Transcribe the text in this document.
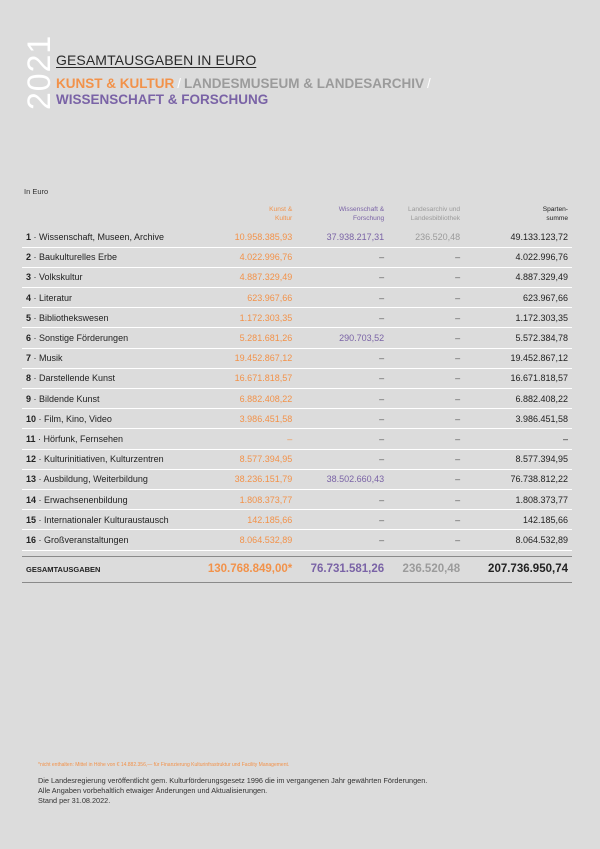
2021 GESAMTAUSGABEN IN EURO
KUNST & KULTUR / LANDESMUSEUM & LANDESARCHIV /
WISSENSCHAFT & FORSCHUNG
In Euro
	Kunst & Kultur	Wissenschaft & Forschung	Landesarchiv und Landesbibliothek	Sparten- summe
1 · Wissenschaft, Museen, Archive	10.958.385,93	37.938.217,31	236.520,48	49.133.123,72
2 · Baukulturelles Erbe	4.022.996,76	–	–	4.022.996,76
3 · Volkskultur	4.887.329,49	–	–	4.887.329,49
4 · Literatur	623.967,66	–	–	623.967,66
5 · Bibliothekswesen	1.172.303,35	–	–	1.172.303,35
6 · Sonstige Förderungen	5.281.681,26	290.703,52	–	5.572.384,78
7 · Musik	19.452.867,12	–	–	19.452.867,12
8 · Darstellende Kunst	16.671.818,57	–	–	16.671.818,57
9 · Bildende Kunst	6.882.408,22	–	–	6.882.408,22
10 · Film, Kino, Video	3.986.451,58	–	–	3.986.451,58
11 · Hörfunk, Fernsehen	–	–	–	–
12 · Kulturinitiativen, Kulturzentren	8.577.394,95	–	–	8.577.394,95
13 · Ausbildung, Weiterbildung	38.236.151,79	38.502.660,43	–	76.738.812,22
14 · Erwachsenenbildung	1.808.373,77	–	–	1.808.373,77
15 · Internationaler Kulturaustausch	142.185,66	–	–	142.185,66
16 · Großveranstaltungen	8.064.532,89	–	–	8.064.532,89

GESAMTAUSGABEN	130.768.849,00*	76.731.581,26	236.520,48	207.736.950,74
*nicht enthalten: Mittel in Höhe von € 14.882.356,— für Finanzierung Kulturinfrastruktur und Facility Management.
Die Landesregierung veröffentlicht gem. Kulturförderungsgesetz 1996 die im vergangenen Jahr gewährten Förderungen.
Alle Angaben vorbehaltlich etwaiger Änderungen und Aktualisierungen.
Stand per 31.08.2022.
